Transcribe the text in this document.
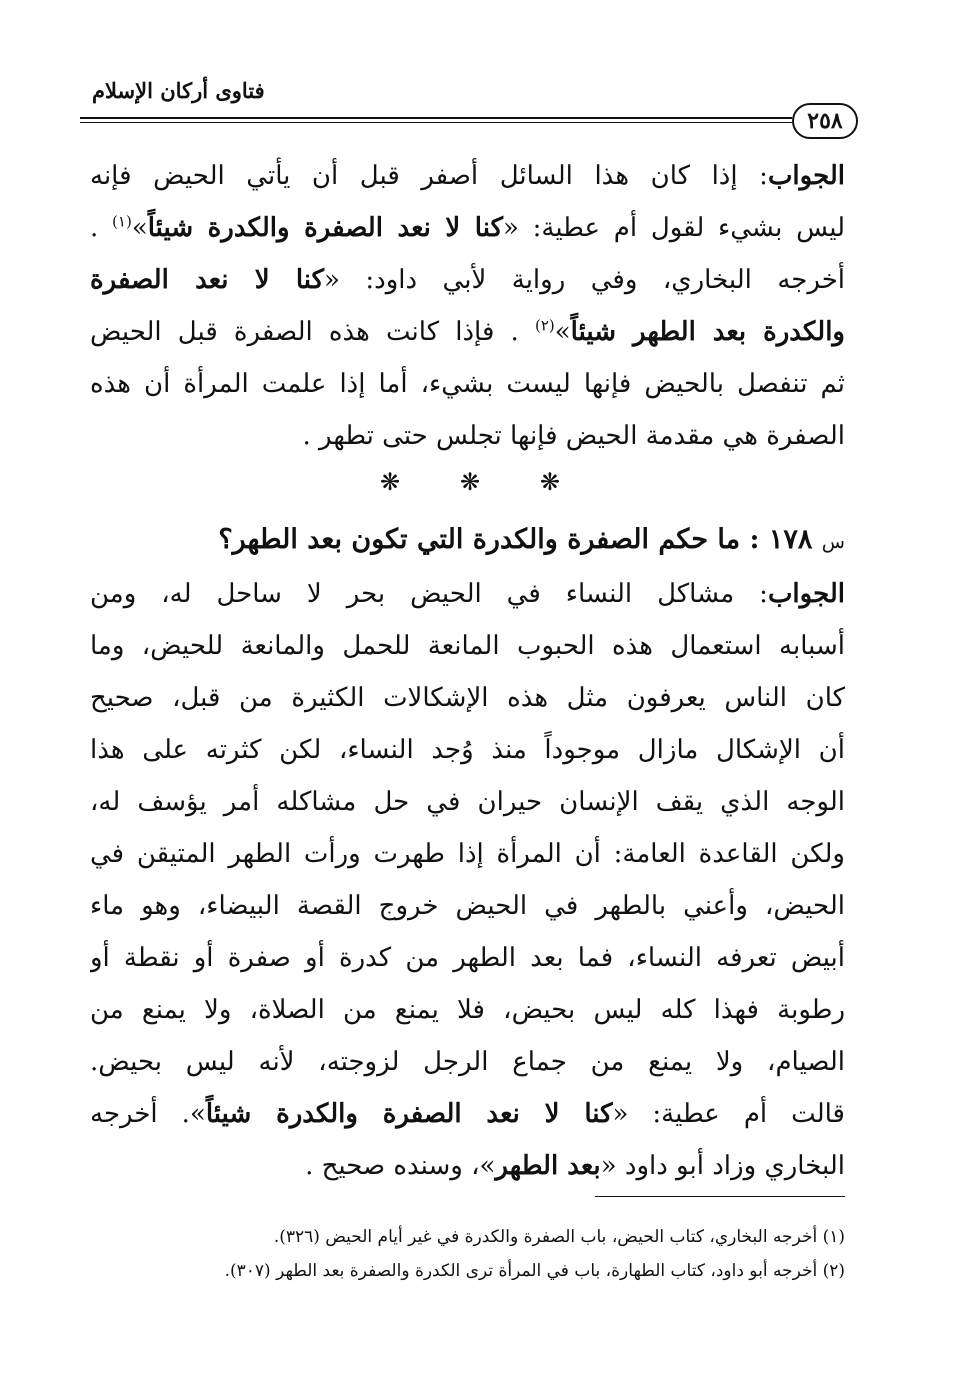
فتاوى أركان الإسلام
٢٥٨
الجواب: إذا كان هذا السائل أصفر قبل أن يأتي الحيض فإنه
ليس بشيء لقول أم عطية: «كنا لا نعد الصفرة والكدرة شيئاً»$^{(١)}$ .
أخرجه البخاري، وفي رواية لأبي داود: «كنا لا نعد الصفرة
والكدرة بعد الطهر شيئاً»$^{(٢)}$ . فإذا كانت هذه الصفرة قبل الحيض
ثم تنفصل بالحيض فإنها ليست بشيء، أما إذا علمت المرأة أن هذه
الصفرة هي مقدمة الحيض فإنها تجلس حتى تطهر .
❋ ❋ ❋
س ١٧٨ : ما حكم الصفرة والكدرة التي تكون بعد الطهر؟
الجواب: مشاكل النساء في الحيض بحر لا ساحل له، ومن
أسبابه استعمال هذه الحبوب المانعة للحمل والمانعة للحيض، وما
كان الناس يعرفون مثل هذه الإشكالات الكثيرة من قبل، صحيح
أن الإشكال مازال موجوداً منذ وُجد النساء، لكن كثرته على هذا
الوجه الذي يقف الإنسان حيران في حل مشاكله أمر يؤسف له،
ولكن القاعدة العامة: أن المرأة إذا طهرت ورأت الطهر المتيقن في
الحيض، وأعني بالطهر في الحيض خروج القصة البيضاء، وهو ماء
أبيض تعرفه النساء، فما بعد الطهر من كدرة أو صفرة أو نقطة أو
رطوبة فهذا كله ليس بحيض، فلا يمنع من الصلاة، ولا يمنع من
الصيام، ولا يمنع من جماع الرجل لزوجته، لأنه ليس بحيض.
قالت أم عطية: «كنا لا نعد الصفرة والكدرة شيئاً». أخرجه
البخاري وزاد أبو داود «بعد الطهر»، وسنده صحيح .
(١) أخرجه البخاري، كتاب الحيض، باب الصفرة والكدرة في غير أيام الحيض (٣٢٦).
(٢) أخرجه أبو داود، كتاب الطهارة، باب في المرأة ترى الكدرة والصفرة بعد الطهر (٣٠٧).
